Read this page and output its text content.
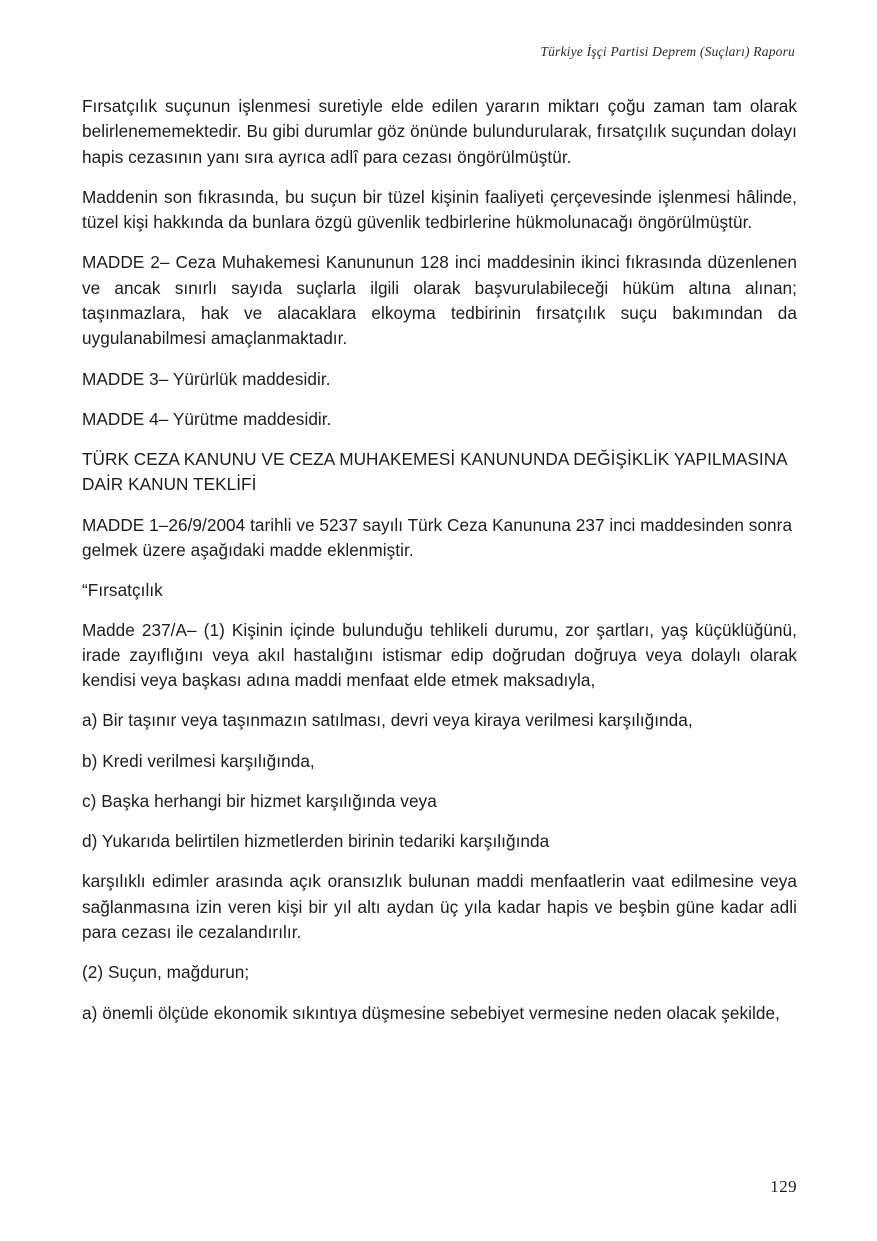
Türkiye İşçi Partisi Deprem (Suçları) Raporu

Fırsatçılık suçunun işlenmesi suretiyle elde edilen yararın miktarı çoğu zaman tam olarak belirlenememektedir. Bu gibi durumlar göz önünde bulundurularak, fırsatçılık suçundan dolayı hapis cezasının yanı sıra ayrıca adlî para cezası öngörülmüştür.

Maddenin son fıkrasında, bu suçun bir tüzel kişinin faaliyeti çerçevesinde işlenmesi hâlinde, tüzel kişi hakkında da bunlara özgü güvenlik tedbirlerine hükmolunacağı öngörülmüştür.

MADDE 2– Ceza Muhakemesi Kanununun 128 inci maddesinin ikinci fıkrasında düzenlenen ve ancak sınırlı sayıda suçlarla ilgili olarak başvurulabileceği hüküm altına alınan; taşınmazlara, hak ve alacaklara elkoyma tedbirinin fırsatçılık suçu bakımından da uygulanabilmesi amaçlanmaktadır.

MADDE 3– Yürürlük maddesidir.

MADDE 4– Yürütme maddesidir.

TÜRK CEZA KANUNU VE CEZA MUHAKEMESİ KANUNUNDA DEĞİŞİKLİK YAPILMASINA DAİR KANUN TEKLİFİ

MADDE 1–26/9/2004 tarihli ve 5237 sayılı Türk Ceza Kanununa 237 inci maddesinden sonra gelmek üzere aşağıdaki madde eklenmiştir.

“Fırsatçılık

Madde 237/A– (1) Kişinin içinde bulunduğu tehlikeli durumu, zor şartları, yaş küçüklüğünü, irade zayıflığını veya akıl hastalığını istismar edip doğrudan doğruya veya dolaylı olarak kendisi veya başkası adına maddi menfaat elde etmek maksadıyla,

a) Bir taşınır veya taşınmazın satılması, devri veya kiraya verilmesi karşılığında,

b) Kredi verilmesi karşılığında,

c) Başka herhangi bir hizmet karşılığında veya

d) Yukarıda belirtilen hizmetlerden birinin tedariki karşılığında

karşılıklı edimler arasında açık oransızlık bulunan maddi menfaatlerin vaat edilmesine veya sağlanmasına izin veren kişi bir yıl altı aydan üç yıla kadar hapis ve beşbin güne kadar adli para cezası ile cezalandırılır.

(2) Suçun, mağdurun;

a) önemli ölçüde ekonomik sıkıntıya düşmesine sebebiyet vermesine neden olacak şekilde,

129
